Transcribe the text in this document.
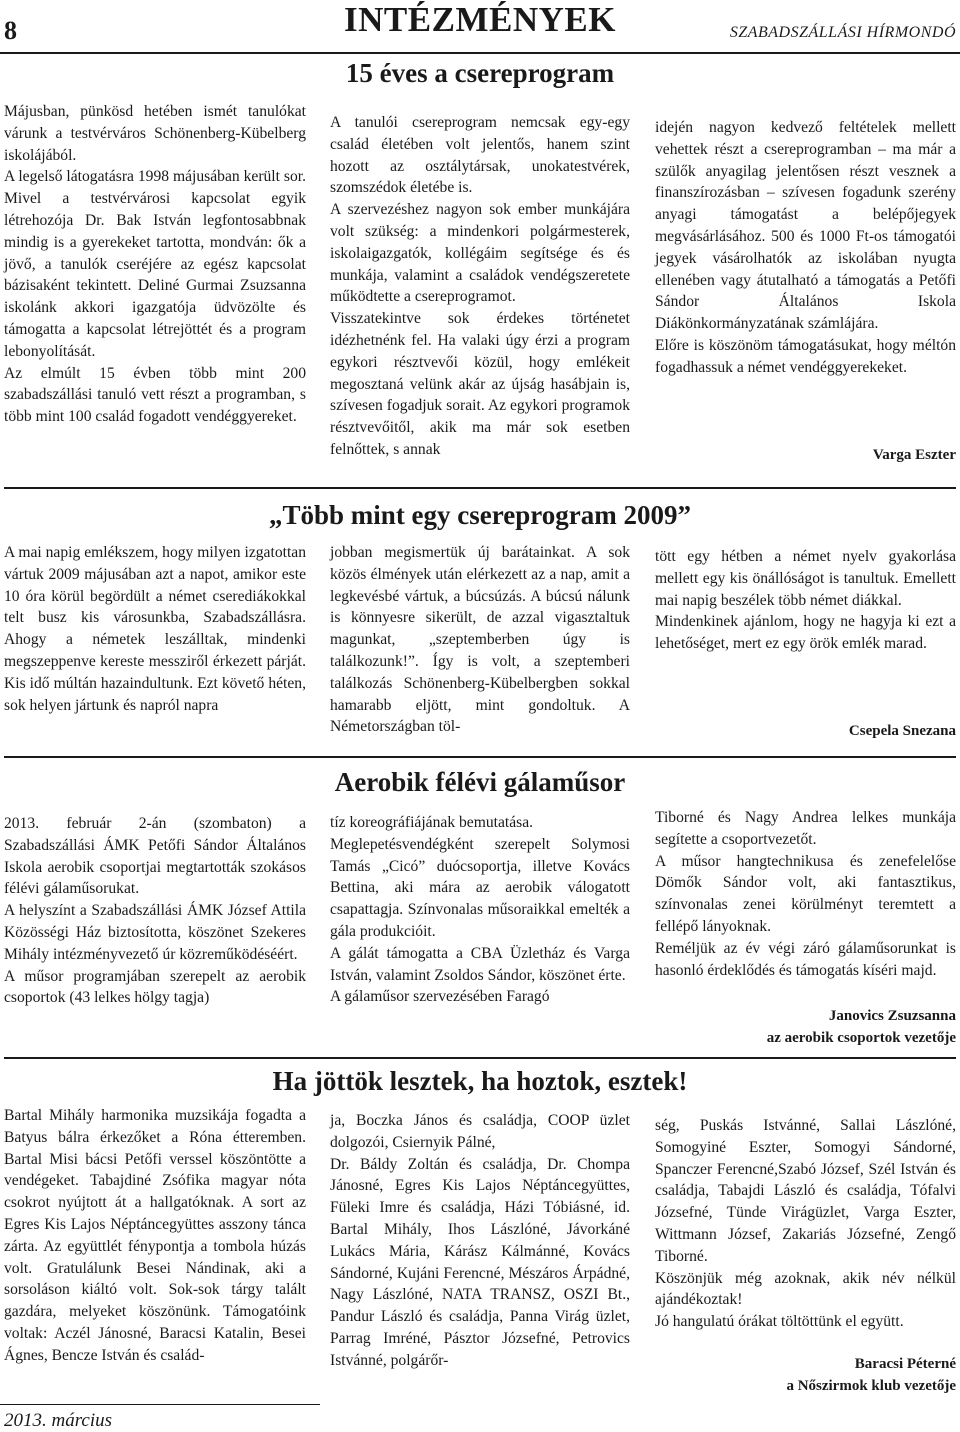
8	INTÉZMÉNYEK	SZABADSZÁLLÁSI HÍRMONDÓ
15 éves a csereprogram

Májusban, pünkösd hetében ismét tanulókat várunk a testvérváros Schönenberg-Kübelberg iskolájából.

A legelső látogatásra 1998 májusában került sor. Mivel a testvérvárosi kapcsolat egyik létrehozója Dr. Bak István legfontosabbnak mindig is a gyerekeket tartotta, mondván: ők a jövő, a tanulók cseréjére az egész kapcsolat bázisaként tekintett. Deliné Gurmai Zsuzsanna iskolánk akkori igazgatója üdvözölte és támogatta a kapcsolat létrejöttét és a program lebonyolítását.

Az elmúlt 15 évben több mint 200 szabadszállási tanuló vett részt a programban, s több mint 100 család fogadott vendéggyereket.

A tanulói csereprogram nemcsak egy-egy család életében volt jelentős, hanem szint hozott az osztálytársak, unokatestvérek, szomszédok életébe is.

A szervezéshez nagyon sok ember munkájára volt szükség: a mindenkori polgármesterek, iskolaigazgatók, kollégáim segítsége és és munkája, valamint a családok vendégszeretete működtette a csereprogramot.

Visszatekintve sok érdekes történetet idézhetnénk fel. Ha valaki úgy érzi a program egykori résztvevői közül, hogy emlékeit megosztaná velünk akár az újság hasábjain is, szívesen fogadjuk sorait. Az egykori programok résztvevőitől, akik ma már sok esetben felnőttek, s annak

idején nagyon kedvező feltételek mellett vehettek részt a csereprogramban – ma már a szülők anyagilag jelentősen részt vesznek a finanszírozásban – szívesen fogadunk szerény anyagi támogatást a belépőjegyek megvásárlásához. 500 és 1000 Ft-os támogatói jegyek vásárolhatók az iskolában nyugta ellenében vagy átutalható a támogatás a Petőfi Sándor Általános Iskola Diákönkormányzatának számlájára.

Előre is köszönöm támogatásukat, hogy méltón fogadhassuk a német vendéggyerekeket.

Varga Eszter
„Több mint egy csereprogram 2009”

A mai napig emlékszem, hogy milyen izgatottan vártuk 2009 májusában azt a napot, amikor este 10 óra körül begördült a német cserediákokkal telt busz kis városunkba, Szabadszállásra. Ahogy a németek leszálltak, mindenki megszeppenve kereste messziről érkezett párját. Kis idő múltán hazaindultunk. Ezt követő héten, sok helyen jártunk és napról napra

jobban megismertük új barátainkat. A sok közös élmények után elérkezett az a nap, amit a legkevésbé vártuk, a búcsúzás. A búcsú nálunk is könnyesre sikerült, de azzal vigasztaltuk magunkat, „szeptemberben úgy is találkozunk!”. Így is volt, a szeptemberi találkozás Schönenberg-Kübelbergben sokkal hamarabb eljött, mint gondoltuk. A Németországban töl-

tött egy hétben a német nyelv gyakorlása mellett egy kis önállóságot is tanultuk. Emellett mai napig beszélek több német diákkal.

Mindenkinek ajánlom, hogy ne hagyja ki ezt a lehetőséget, mert ez egy örök emlék marad.

Csepela Snezana
Aerobik félévi gálaműsor

2013. február 2-án (szombaton) a Szabadszállási ÁMK Petőfi Sándor Általános Iskola aerobik csoportjai megtartották szokásos félévi gálaműsorukat.

A helyszínt a Szabadszállási ÁMK József Attila Közösségi Ház biztosította, köszönet Szekeres Mihály intézményvezető úr közreműködéséért.

A műsor programjában szerepelt az aerobik csoportok (43 lelkes hölgy tagja)

tíz koreográfiájának bemutatása.

Meglepetésvendégként szerepelt Solymosi Tamás „Cicó” duócsoportja, illetve Kovács Bettina, aki mára az aerobik válogatott csapattagja. Színvonalas műsoraikkal emelték a gála produkcióit.

A gálát támogatta a CBA Üzletház és Varga István, valamint Zsoldos Sándor, köszönet érte.

A gálaműsor szervezésében Faragó

Tiborné és Nagy Andrea lelkes munkája segítette a csoportvezetőt.

A műsor hangtechnikusa és zenefelelőse Dömők Sándor volt, aki fantasztikus, színvonalas zenei körülményt teremtett a fellépő lányoknak.

Reméljük az év végi záró gálaműsorunkat is hasonló érdeklődés és támogatás kíséri majd.

Janovics Zsuzsanna
az aerobik csoportok vezetője
Ha jöttök lesztek, ha hoztok, esztek!

Bartal Mihály harmonika muzsikája fogadta a Batyus bálra érkezőket a Róna étteremben. Bartal Misi bácsi Petőfi verssel köszöntötte a vendégeket. Tabajdiné Zsófika magyar nóta csokrot nyújtott át a hallgatóknak. A sort az Egres Kis Lajos Néptáncegyüttes asszony tánca zárta. Az együttlét fénypontja a tombola húzás volt. Gratulálunk Besei Nándinak, aki a sorsoláson kiáltó volt. Sok-sok tárgy talált gazdára, melyeket köszönünk. Támogatóink voltak: Aczél Jánosné, Baracsi Katalin, Besei Ágnes, Bencze István és család-

ja, Boczka János és családja, COOP üzlet dolgozói, Csiernyik Pálné,

Dr. Báldy Zoltán és családja, Dr. Chompa Jánosné, Egres Kis Lajos Néptáncegyüttes, Füleki Imre és családja, Házi Tóbiásné, id. Bartal Mihály, Ihos Lászlóné, Jávorkáné Lukács Mária, Kárász Kálmánné, Kovács Sándorné, Kujáni Ferencné, Mészáros Árpádné, Nagy Lászlóné, NATA TRANSZ, OSZI Bt., Pandur László és családja, Panna Virág üzlet, Parrag Imréné, Pásztor Józsefné, Petrovics Istvánné, polgárőr-

ség, Puskás Istvánné, Sallai Lászlóné, Somogyiné Eszter, Somogyi Sándorné, Spanczer Ferencné,Szabó József, Szél István és családja, Tabajdi László és családja, Tófalvi Józsefné, Tünde Virágüzlet, Varga Eszter, Wittmann József, Zakariás Józsefné, Zengő Tiborné.

Köszönjük még azoknak, akik név nélkül ajándékoztak!

Jó hangulatú órákat töltöttünk el együtt.

Baracsi Péterné
a Nőszirmok klub vezetője
2013. március
